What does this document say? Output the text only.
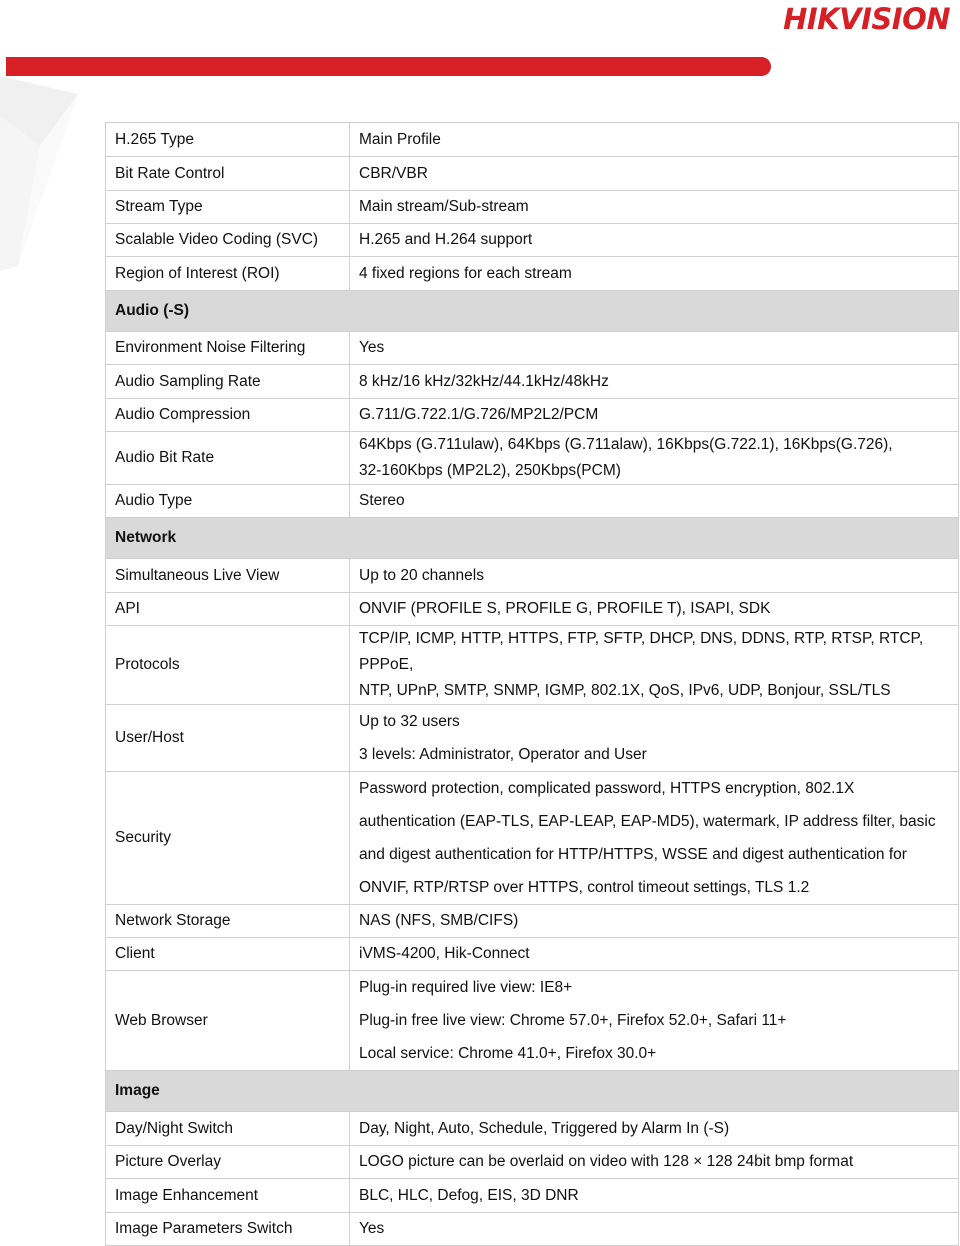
HIKVISION
H.265 Type	Main Profile

Bit Rate Control	CBR/VBR

Stream Type	Main stream/Sub-stream

Scalable Video Coding (SVC)	H.265 and H.264 support

Region of Interest (ROI)	4 fixed regions for each stream

Audio (-S)	
Environment Noise Filtering	Yes

Audio Sampling Rate	8 kHz/16 kHz/32kHz/44.1kHz/48kHz

Audio Compression	G.711/G.722.1/G.726/MP2L2/PCM

Audio Bit Rate	64Kbps (G.711ulaw), 64Kbps (G.711alaw), 16Kbps(G.722.1), 16Kbps(G.726),
32-160Kbps (MP2L2), 250Kbps(PCM)

Audio Type	Stereo

Network	
Simultaneous Live View	Up to 20 channels

API	ONVIF (PROFILE S, PROFILE G, PROFILE T), ISAPI, SDK

Protocols	TCP/IP, ICMP, HTTP, HTTPS, FTP, SFTP, DHCP, DNS, DDNS, RTP, RTSP, RTCP, PPPoE,
NTP, UPnP, SMTP, SNMP, IGMP, 802.1X, QoS, IPv6, UDP, Bonjour, SSL/TLS

User/Host	Up to 32 users
3 levels: Administrator, Operator and User

Security	Password protection, complicated password, HTTPS encryption, 802.1X
authentication (EAP-TLS, EAP-LEAP, EAP-MD5), watermark, IP address filter, basic
and digest authentication for HTTP/HTTPS, WSSE and digest authentication for
ONVIF, RTP/RTSP over HTTPS, control timeout settings, TLS 1.2

Network Storage	NAS (NFS, SMB/CIFS)

Client	iVMS-4200, Hik-Connect

Web Browser	Plug-in required live view: IE8+
Plug-in free live view: Chrome 57.0+, Firefox 52.0+, Safari 11+
Local service: Chrome 41.0+, Firefox 30.0+

Image	
Day/Night Switch	Day, Night, Auto, Schedule, Triggered by Alarm In (-S)

Picture Overlay	LOGO picture can be overlaid on video with 128 × 128 24bit bmp format

Image Enhancement	BLC, HLC, Defog, EIS, 3D DNR

Image Parameters Switch	Yes
